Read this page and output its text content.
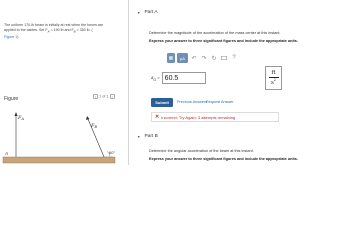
The uniform 170-lb beam is initially at rest when the forces are
applied to the cables. Set $F_A = 190$ lb and $F_B = 350$ lb. (
Figure 1)
Figure	‹ 1 of 1 ›
$F_A$
$F_B$
60°
A
▼ Part A
Determine the magnitude of the acceleration of the mass center at this instant.
Express your answer to three significant figures and include the appropriate units.
μA	↶ ↷ ↻	?
$a_G = 60.5$
ft
$s^2$
Submit	Previous Answers
Request Answer
✕ Incorrect; Try Again; 3 attempts remaining
▼ Part B
Determine the angular acceleration of the beam at this instant.
Express your answer to three significant figures and include the appropriate units.
